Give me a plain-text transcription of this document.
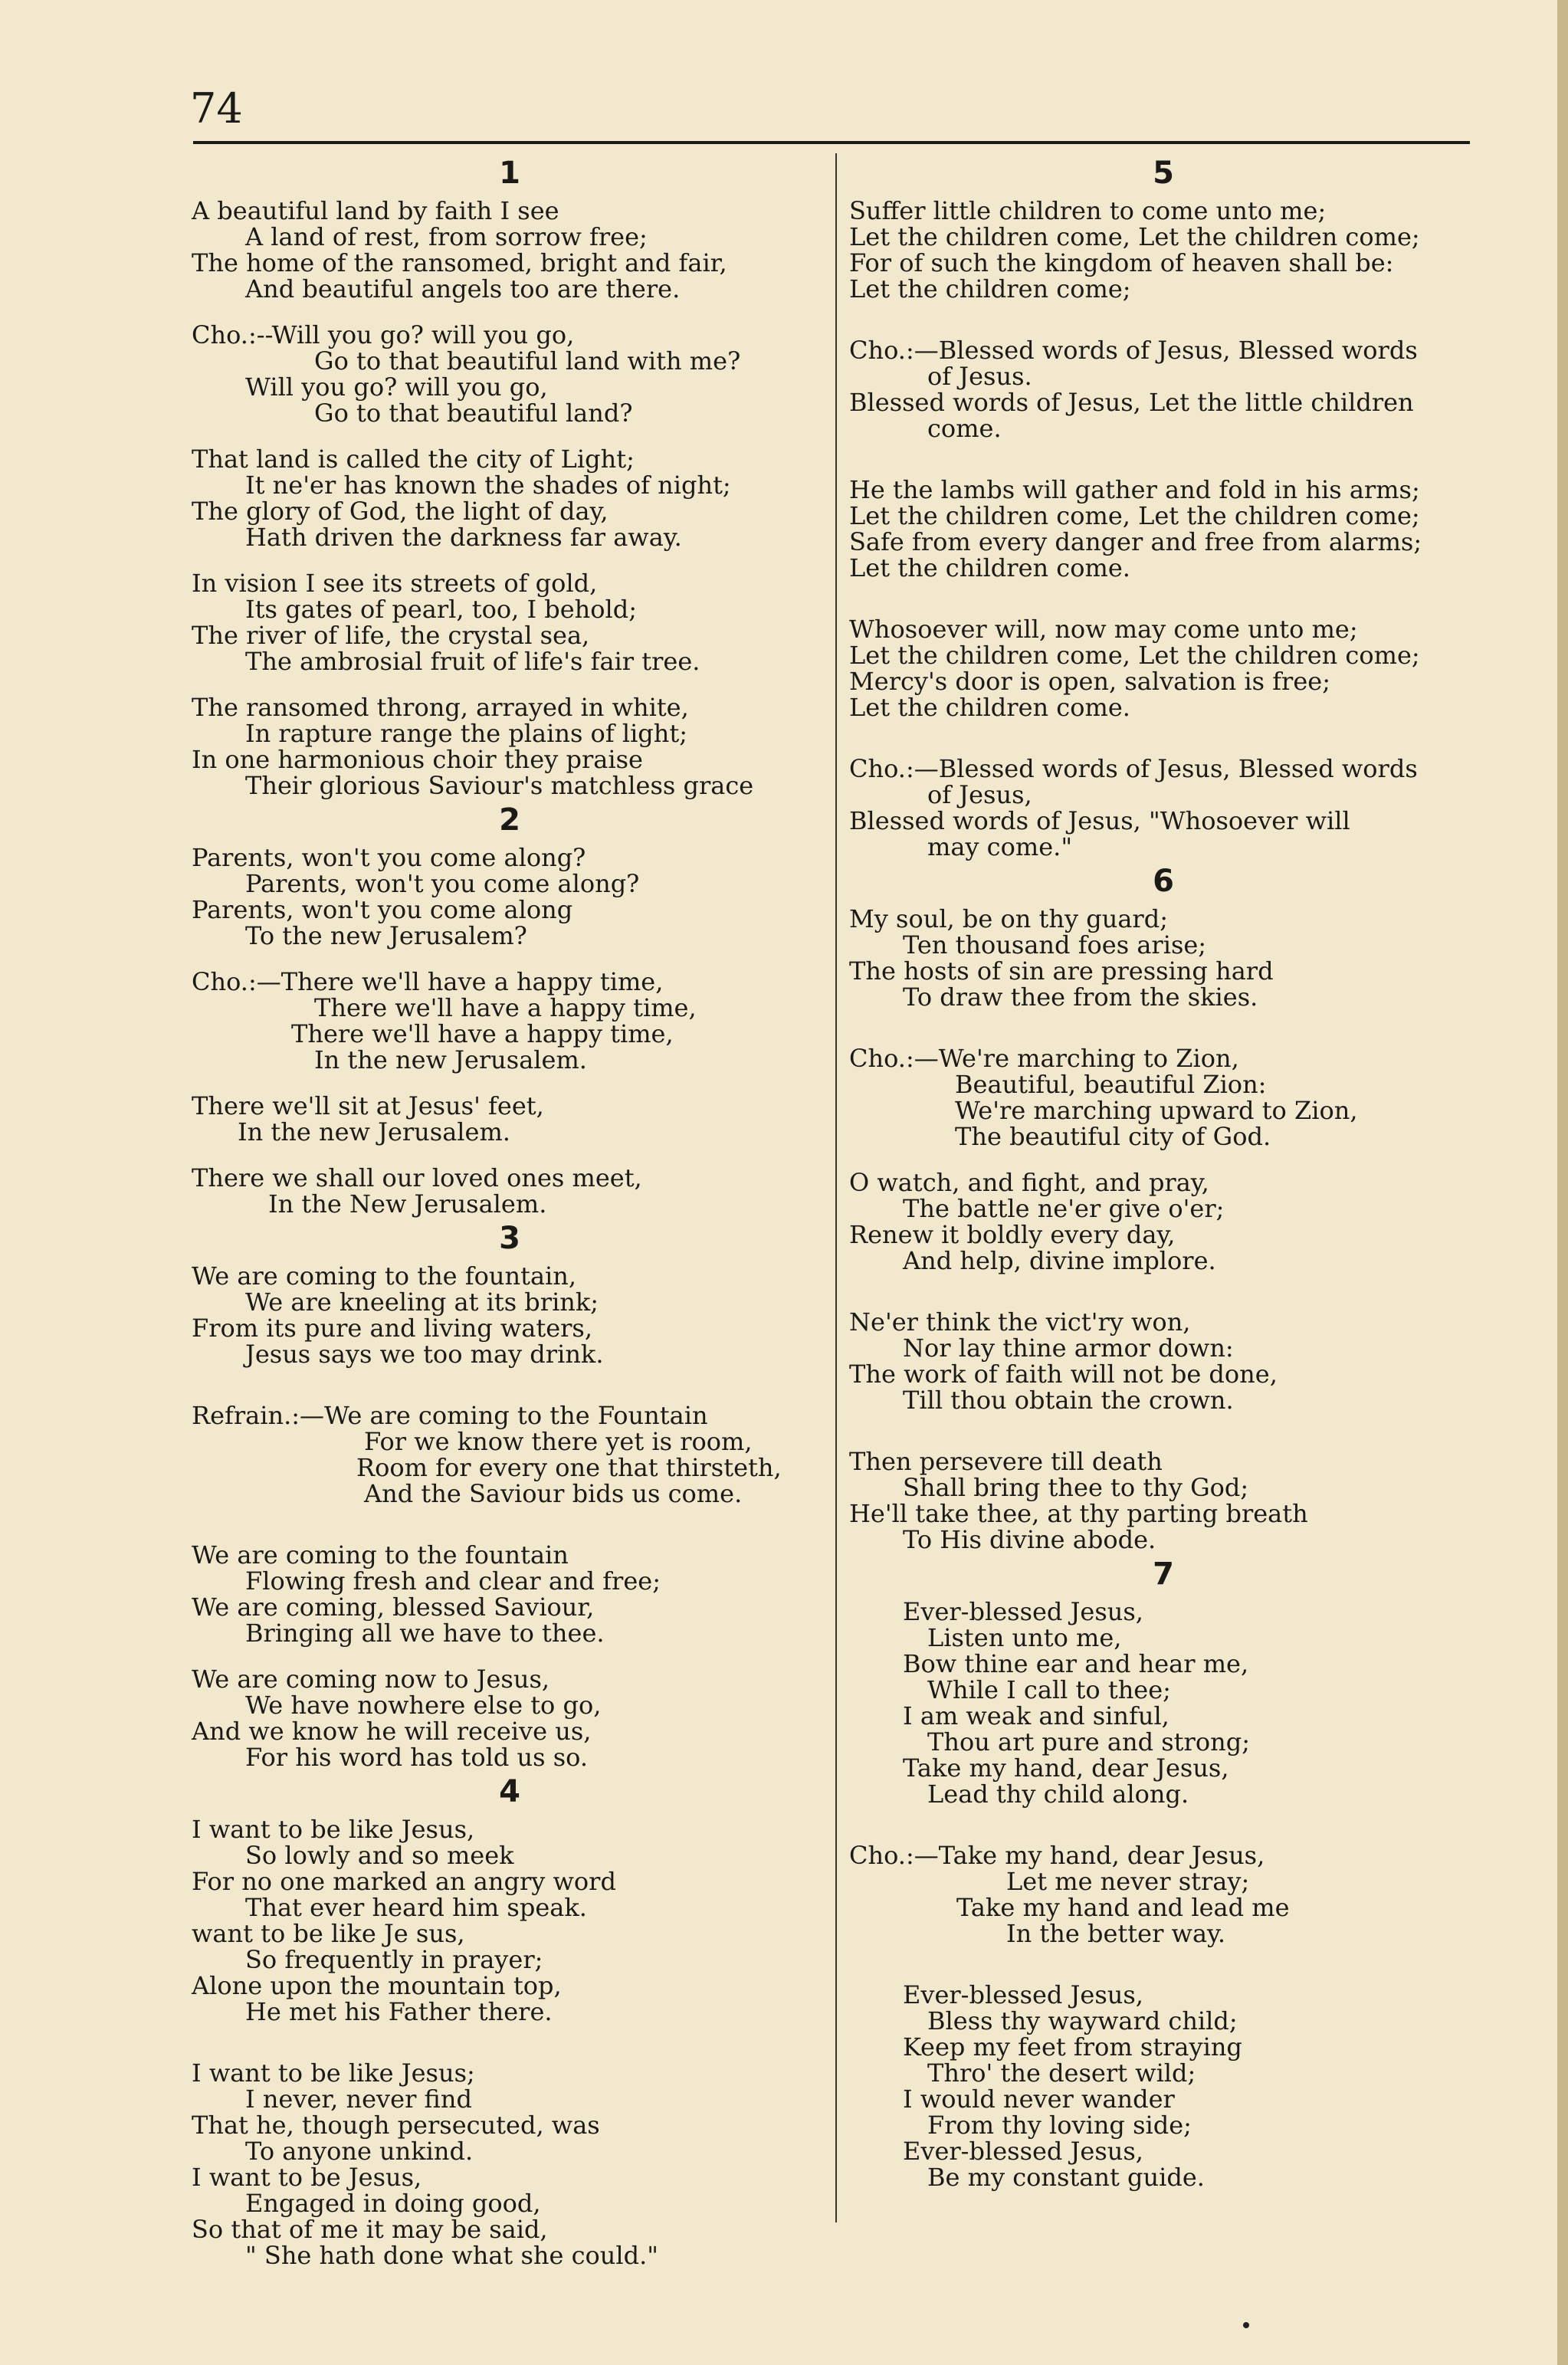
74
1
A beautiful land by faith I see
A land of rest, from sorrow free;
The home of the ransomed, bright and fair,
And beautiful angels too are there.
Cho.:--Will you go? will you go,
Go to that beautiful land with me?
Will you go? will you go,
Go to that beautiful land?
That land is called the city of Light;
It ne'er has known the shades of night;
The glory of God, the light of day,
Hath driven the darkness far away.
In vision I see its streets of gold,
Its gates of pearl, too, I behold;
The river of life, the crystal sea,
The ambrosial fruit of life's fair tree.
The ransomed throng, arrayed in white,
In rapture range the plains of light;
In one harmonious choir they praise
Their glorious Saviour's matchless grace
2
Parents, won't you come along?
Parents, won't you come along?
Parents, won't you come along
To the new Jerusalem?
Cho.:—There we'll have a happy time,
There we'll have a happy time,
There we'll have a happy time,
In the new Jerusalem.
There we'll sit at Jesus' feet,
In the new Jerusalem.
There we shall our loved ones meet,
In the New Jerusalem.
3
We are coming to the fountain,
We are kneeling at its brink;
From its pure and living waters,
Jesus says we too may drink.
Refrain.:—We are coming to the Fountain
For we know there yet is room,
Room for every one that thirsteth,
And the Saviour bids us come.
We are coming to the fountain
Flowing fresh and clear and free;
We are coming, blessed Saviour,
Bringing all we have to thee.
We are coming now to Jesus,
We have nowhere else to go,
And we know he will receive us,
For his word has told us so.
4
I want to be like Jesus,
So lowly and so meek
For no one marked an angry word
That ever heard him speak.
want to be like Je sus,
So frequently in prayer;
Alone upon the mountain top,
He met his Father there.
I want to be like Jesus;
I never, never find
That he, though persecuted, was
To anyone unkind.
I want to be Jesus,
Engaged in doing good,
So that of me it may be said,
" She hath done what she could."
5
Suffer little children to come unto me;
Let the children come, Let the children come;
For of such the kingdom of heaven shall be:
Let the children come;
Cho.:—Blessed words of Jesus, Blessed words
of Jesus.
Blessed words of Jesus, Let the little children
come.
He the lambs will gather and fold in his arms;
Let the children come, Let the children come;
Safe from every danger and free from alarms;
Let the children come.
Whosoever will, now may come unto me;
Let the children come, Let the children come;
Mercy's door is open, salvation is free;
Let the children come.
Cho.:—Blessed words of Jesus, Blessed words
of Jesus,
Blessed words of Jesus, "Whosoever will
may come."
6
My soul, be on thy guard;
Ten thousand foes arise;
The hosts of sin are pressing hard
To draw thee from the skies.
Cho.:—We're marching to Zion,
Beautiful, beautiful Zion:
We're marching upward to Zion,
The beautiful city of God.
O watch, and fight, and pray,
The battle ne'er give o'er;
Renew it boldly every day,
And help, divine implore.
Ne'er think the vict'ry won,
Nor lay thine armor down:
The work of faith will not be done,
Till thou obtain the crown.
Then persevere till death
Shall bring thee to thy God;
He'll take thee, at thy parting breath
To His divine abode.
7
Ever-blessed Jesus,
Listen unto me,
Bow thine ear and hear me,
While I call to thee;
I am weak and sinful,
Thou art pure and strong;
Take my hand, dear Jesus,
Lead thy child along.
Cho.:—Take my hand, dear Jesus,
Let me never stray;
Take my hand and lead me
In the better way.
Ever-blessed Jesus,
Bless thy wayward child;
Keep my feet from straying
Thro' the desert wild;
I would never wander
From thy loving side;
Ever-blessed Jesus,
Be my constant guide.
